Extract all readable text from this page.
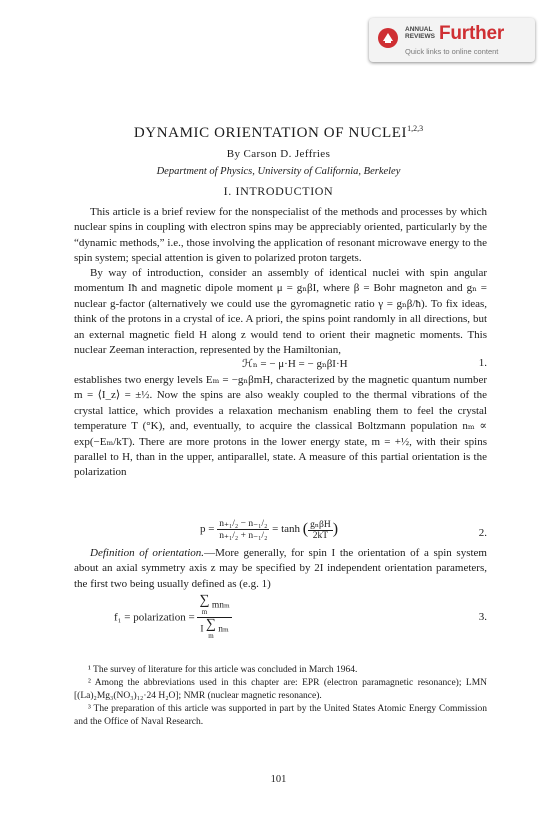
ANNUAL REVIEWS Further
Quick links to online content
DYNAMIC ORIENTATION OF NUCLEI$^{1,2,3}$
By Carson D. Jeffries
Department of Physics, University of California, Berkeley
I. INTRODUCTION

This article is a brief review for the nonspecialist of the methods and processes by which nuclear spins in coupling with electron spins may be appreciably oriented, particularly by the “dynamic methods,” i.e., those involving the application of resonant microwave energy to the spin system; special attention is given to polarized proton targets.

By way of introduction, consider an assembly of identical nuclei with spin angular momentum Iħ and magnetic dipole moment μ = gₙβI, where β = Bohr magneton and gₙ = nuclear g-factor (alternatively we could use the gyromagnetic ratio γ = gₙβ/ħ). To fix ideas, think of the protons in a crystal of ice. A priori, the spins point randomly in all directions, but an external magnetic field H along z would tend to orient their magnetic moments. This nuclear Zeeman interaction, represented by the Hamiltonian,

ℋₙ = − μ·H = − gₙβI·H	1.

establishes two energy levels Eₘ = −gₙβmH, characterized by the magnetic quantum number m = ⟨I_z⟩ = ±½. Now the spins are also weakly coupled to the thermal vibrations of the crystal lattice, which provides a relaxation mechanism enabling them to feel the crystal temperature T (°K), and, eventually, to acquire the classical Boltzmann population nₘ ∝ exp(−Eₘ/kT). There are more protons in the lower energy state, m = +½, with their spins parallel to H, than in the upper, antiparallel, state. A measure of this partial orientation is the polarization

$p = \frac{\text{n₊₁/₂ − n₋₁/₂}}{\text{n₊₁/₂ + n₋₁/₂}} = \tanh$ ( $\frac{\text{gₙβH}}{2kT}$ )	2.

Definition of orientation.—More generally, for spin I the orientation of a spin system about an axial symmetry axis z may be specified by 2I independent orientation parameters, the first two being usually defined as (e.g. 1)

f₁ = polarization = ∑
m
mnₘ
I ∑
m
nₘ	3.

¹ The survey of literature for this article was concluded in March 1964.

² Among the abbreviations used in this chapter are: EPR (electron paramagnetic resonance); LMN [(La)₂Mg₃(NO₃)₁₂·24 H₂O]; NMR (nuclear magnetic resonance).

³ The preparation of this article was supported in part by the United States Atomic Energy Commission and the Office of Naval Research.

101
